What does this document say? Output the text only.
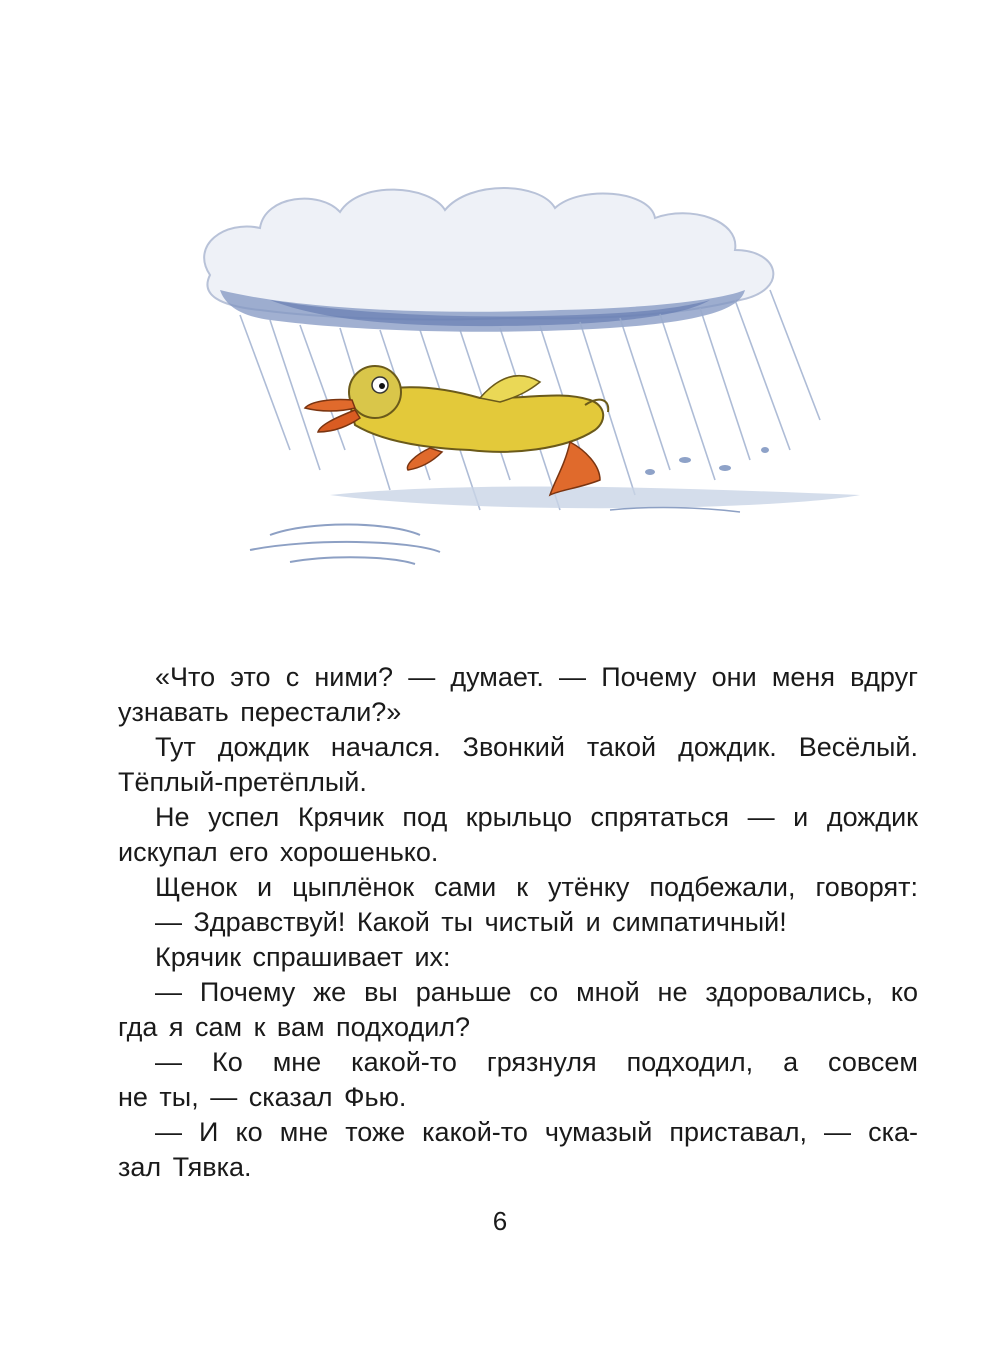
«Что это с ними? — думает. — Почему они меня вдруг
узнавать перестали?»
Тут дождик начался. Звонкий такой дождик. Весёлый.
Тёплый-претёплый.
Не успел Крячик под крыльцо спрятаться — и дождик
искупал его хорошенько.
Щенок и цыплёнок сами к утёнку подбежали, говорят:
— Здравствуй! Какой ты чистый и симпатичный!
Крячик спрашивает их:
— Почему же вы раньше со мной не здоровались, ко
гда я сам к вам подходил?
— Ко мне какой-то грязнуля подходил, а совсем
не ты, — сказал Фью.
— И ко мне тоже какой-то чумазый приставал, — ска-
зал Тявка.
6
